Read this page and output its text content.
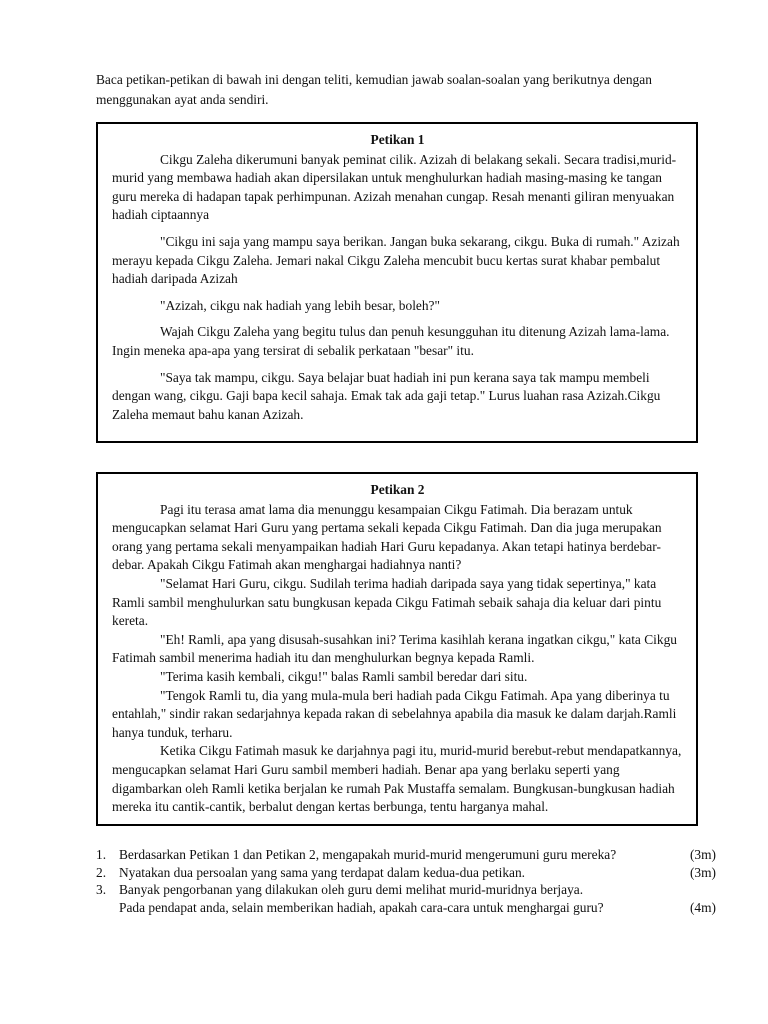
Baca petikan-petikan di bawah ini dengan teliti, kemudian jawab soalan-soalan yang berikutnya dengan menggunakan ayat anda sendiri.
Petikan 1

Cikgu Zaleha dikerumuni banyak peminat cilik. Azizah di belakang sekali. Secara tradisi,murid-murid yang membawa hadiah akan dipersilakan untuk menghulurkan hadiah masing-masing ke tangan guru mereka di hadapan tapak perhimpunan. Azizah menahan cungap. Resah menanti giliran menyuakan hadiah ciptaannya

"Cikgu ini saja yang mampu saya berikan. Jangan buka sekarang, cikgu. Buka di rumah." Azizah merayu kepada Cikgu Zaleha. Jemari nakal Cikgu Zaleha mencubit bucu kertas surat khabar pembalut hadiah daripada Azizah

"Azizah, cikgu nak hadiah yang lebih besar, boleh?"

Wajah Cikgu Zaleha yang begitu tulus dan penuh kesungguhan itu ditenung Azizah lama-lama. Ingin meneka apa-apa yang tersirat di sebalik perkataan "besar" itu.

"Saya tak mampu, cikgu. Saya belajar buat hadiah ini pun kerana saya tak mampu membeli dengan wang, cikgu. Gaji bapa kecil sahaja. Emak tak ada gaji tetap." Lurus luahan rasa Azizah.Cikgu Zaleha memaut bahu kanan Azizah.

Petikan 2

Pagi itu terasa amat lama dia menunggu kesampaian Cikgu Fatimah. Dia berazam untuk mengucapkan selamat Hari Guru yang pertama sekali kepada Cikgu Fatimah. Dan dia juga merupakan orang yang pertama sekali menyampaikan hadiah Hari Guru kepadanya. Akan tetapi hatinya berdebar-debar. Apakah Cikgu Fatimah akan menghargai hadiahnya nanti?

"Selamat Hari Guru, cikgu. Sudilah terima hadiah daripada saya yang tidak sepertinya," kata Ramli sambil menghulurkan satu bungkusan kepada Cikgu Fatimah sebaik sahaja dia keluar dari pintu kereta.

"Eh! Ramli, apa yang disusah-susahkan ini? Terima kasihlah kerana ingatkan cikgu," kata Cikgu Fatimah sambil menerima hadiah itu dan menghulurkan begnya kepada Ramli.

"Terima kasih kembali, cikgu!" balas Ramli sambil beredar dari situ.

"Tengok Ramli tu, dia yang mula-mula beri hadiah pada Cikgu Fatimah. Apa yang diberinya tu entahlah," sindir rakan sedarjahnya kepada rakan di sebelahnya apabila dia masuk ke dalam darjah.Ramli hanya tunduk, terharu.

Ketika Cikgu Fatimah masuk ke darjahnya pagi itu, murid-murid berebut-rebut mendapatkannya, mengucapkan selamat Hari Guru sambil memberi hadiah. Benar apa yang berlaku seperti yang digambarkan oleh Ramli ketika berjalan ke rumah Pak Mustaffa semalam. Bungkusan-bungkusan hadiah mereka itu cantik-cantik, berbalut dengan kertas berbunga, tentu harganya mahal.

1. Berdasarkan Petikan 1 dan Petikan 2, mengapakah murid-murid mengerumuni guru mereka?	(3m)
2. Nyatakan dua persoalan yang sama yang terdapat dalam kedua-dua petikan.	(3m)
3. Banyak pengorbanan yang dilakukan oleh guru demi melihat murid-muridnya berjaya.
Pada pendapat anda, selain memberikan hadiah, apakah cara-cara untuk menghargai guru?	(4m)
